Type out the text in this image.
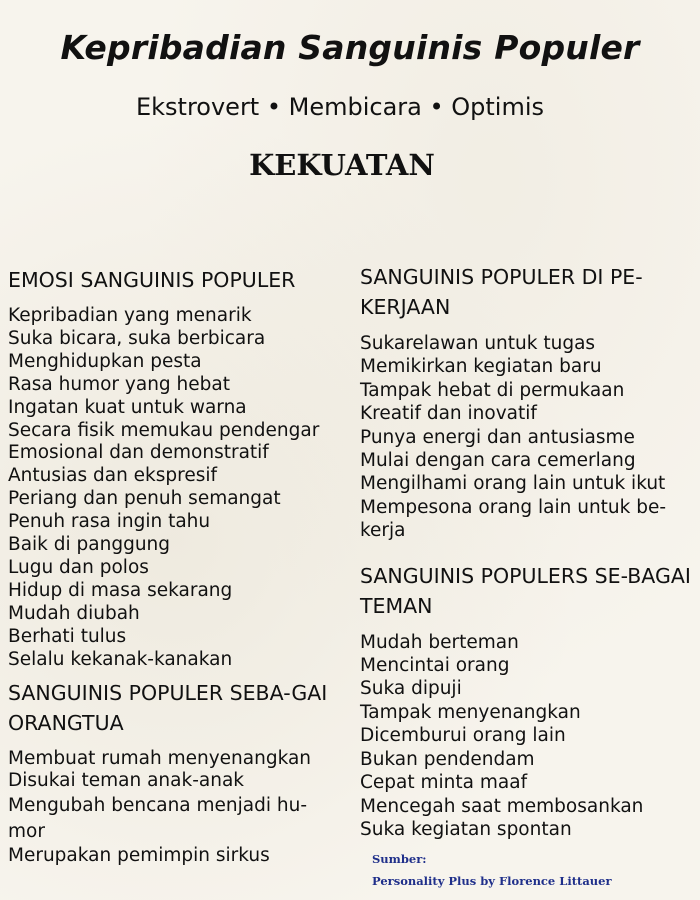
Kepribadian Sanguinis Populer
Ekstrovert • Membicara • Optimis
KEKUATAN
EMOSI SANGUINIS POPULER
Kepribadian yang menarik
Suka bicara, suka berbicara
Menghidupkan pesta
Rasa humor yang hebat
Ingatan kuat untuk warna
Secara fisik memukau pendengar
Emosional dan demonstratif
Antusias dan ekspresif
Periang dan penuh semangat
Penuh rasa ingin tahu
Baik di panggung
Lugu dan polos
Hidup di masa sekarang
Mudah diubah
Berhati tulus
Selalu kekanak-kanakan
SANGUINIS POPULER SEBA-GAI ORANGTUA
Membuat rumah menyenangkan
Disukai teman anak-anak
Mengubah bencana menjadi hu-mor
Merupakan pemimpin sirkus
SANGUINIS POPULER DI PE-KERJAAN
Sukarelawan untuk tugas
Memikirkan kegiatan baru
Tampak hebat di permukaan
Kreatif dan inovatif
Punya energi dan antusiasme
Mulai dengan cara cemerlang
Mengilhami orang lain untuk ikut
Mempesona orang lain untuk be-kerja
SANGUINIS POPULERS SE-BAGAI TEMAN
Mudah berteman
Mencintai orang
Suka dipuji
Tampak menyenangkan
Dicemburui orang lain
Bukan pendendam
Cepat minta maaf
Mencegah saat membosankan
Suka kegiatan spontan
Sumber:
Personality Plus by Florence Littauer
